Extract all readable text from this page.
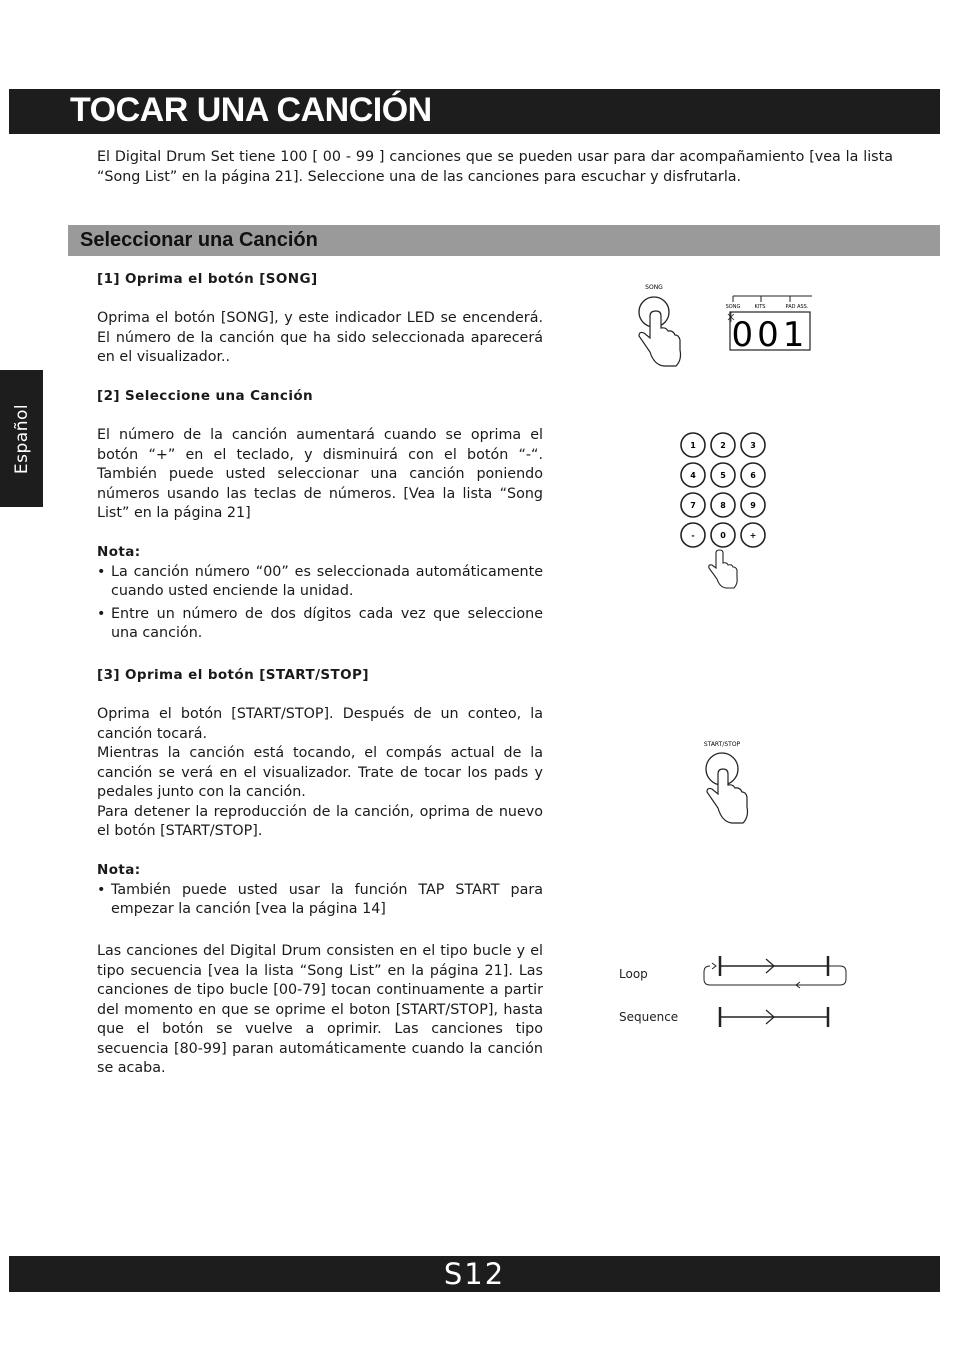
TOCAR UNA CANCIÓN
El Digital Drum Set tiene 100 [ 00 - 99 ] canciones que se pueden usar para dar acompañamiento [vea la lista “Song List” en la página 21]. Seleccione una de las canciones para escuchar y disfrutarla.
Seleccionar una Canción
Español

[1] Oprima el botón [SONG]

Oprima el botón [SONG], y este indicador LED se encenderá. El número de la canción que ha sido seleccionada aparecerá en el visualizador..

[2] Seleccione una Canción

El número de la canción aumentará cuando se oprima el botón “+” en el teclado, y disminuirá con el botón “-“. También puede usted seleccionar una canción poniendo números usando las teclas de números. [Vea la lista “Song List” en la página 21]

Nota:

• La canción número “00” es seleccionada automáticamente cuando usted enciende la unidad.
• Entre un número de dos dígitos cada vez que seleccione una canción.

[3] Oprima el botón [START/STOP]

Oprima el botón [START/STOP]. Después de un conteo, la canción tocará.

Mientras la canción está tocando, el compás actual de la canción se verá en el visualizador. Trate de tocar los pads y pedales junto con la canción.

Para detener la reproducción de la canción, oprima de nuevo el botón [START/STOP].

Nota:

• También puede usted usar la función TAP START para empezar la canción [vea la página 14]

Las canciones del Digital Drum consisten en el tipo bucle y el tipo secuencia [vea la lista “Song List” en la página 21]. Las canciones de tipo bucle [00-79] tocan continuamente a partir del momento en que se oprime el boton [START/STOP], hasta que el botón se vuelve a oprimir. Las canciones tipo secuencia [80-99] paran automáticamente cuando la canción se acaba.

SONG
SONG	KITS	PAD ASS.
001
1	2	3
4	5	6
7	8	9
-	0	+
START/STOP
Loop
Sequence
S12
